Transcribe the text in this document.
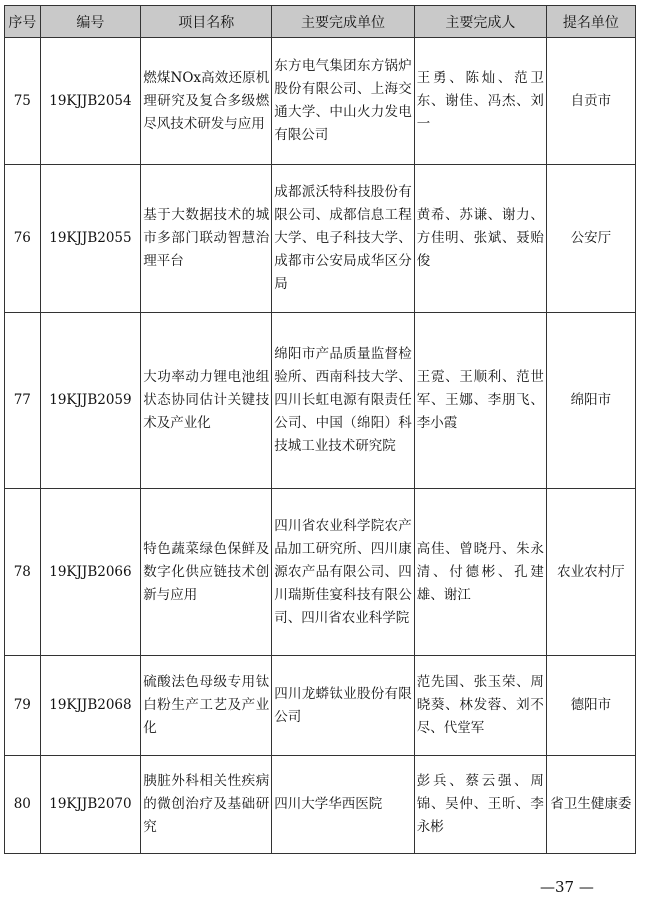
序号	编号	项目名称	主要完成单位	主要完成人	提名单位
75	19KJJB2054	燃煤NOx高效还原机理研究及复合多级燃尽风技术研发与应用	东方电气集团东方锅炉股份有限公司、上海交通大学、中山火力发电有限公司	王勇、陈灿、范卫东、谢佳、冯杰、刘一	自贡市
76	19KJJB2055	基于大数据技术的城市多部门联动智慧治理平台	成都派沃特科技股份有限公司、成都信息工程大学、电子科技大学、成都市公安局成华区分局	黄希、苏谦、谢力、方佳明、张斌、聂贻俊	公安厅
77	19KJJB2059	大功率动力锂电池组状态协同估计关键技术及产业化	绵阳市产品质量监督检验所、西南科技大学、四川长虹电源有限责任公司、中国（绵阳）科技城工业技术研究院	王霓、王顺利、范世军、王娜、李朋飞、李小霞	绵阳市
78	19KJJB2066	特色蔬菜绿色保鲜及数字化供应链技术创新与应用	四川省农业科学院农产品加工研究所、四川康源农产品有限公司、四川瑞斯佳宴科技有限公司、四川省农业科学院	高佳、曾晓丹、朱永清、付德彬、孔建雄、谢江	农业农村厅
79	19KJJB2068	硫酸法色母级专用钛白粉生产工艺及产业化	四川龙蟒钛业股份有限公司	范先国、张玉荣、周晓葵、林发蓉、刘不尽、代堂军	德阳市
80	19KJJB2070	胰脏外科相关性疾病的微创治疗及基础研究	四川大学华西医院	彭兵、蔡云强、周锦、吴仲、王昕、李永彬	省卫生健康委
—37 —
